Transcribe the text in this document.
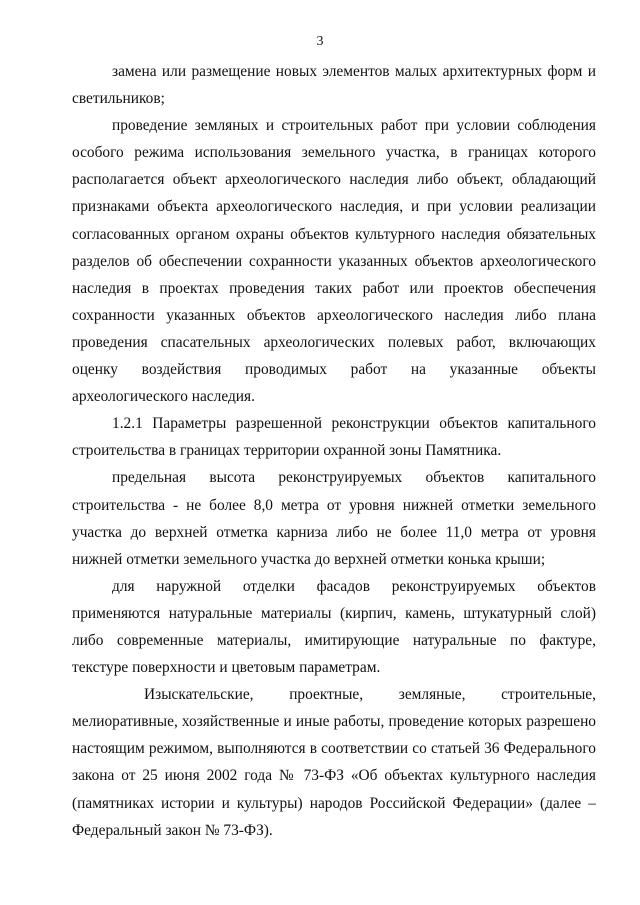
3

замена или размещение новых элементов малых архитектурных форм и светильников;

проведение земляных и строительных работ при условии соблюдения особого режима использования земельного участка, в границах которого располагается объект археологического наследия либо объект, обладающий признаками объекта археологического наследия, и при условии реализации согласованных органом охраны объектов культурного наследия обязательных разделов об обеспечении сохранности указанных объектов археологического наследия в проектах проведения таких работ или проектов обеспечения сохранности указанных объектов археологического наследия либо плана проведения спасательных археологических полевых работ, включающих оценку воздействия проводимых работ на указанные объекты археологического наследия.

1.2.1 Параметры разрешенной реконструкции объектов капитального строительства в границах территории охранной зоны Памятника.

предельная высота реконструируемых объектов капитального строительства - не более 8,0 метра от уровня нижней отметки земельного участка до верхней отметка карниза либо не более 11,0 метра от уровня нижней отметки земельного участка до верхней отметки конька крыши;

для наружной отделки фасадов реконструируемых объектов применяются натуральные материалы (кирпич, камень, штукатурный слой) либо современные материалы, имитирующие натуральные по фактуре, текстуре поверхности и цветовым параметрам.

Изыскательские, проектные, земляные, строительные, мелиоративные, хозяйственные и иные работы, проведение которых разрешено настоящим режимом, выполняются в соответствии со статьей 36 Федерального закона от 25 июня 2002 года № 73-ФЗ «Об объектах культурного наследия (памятниках истории и культуры) народов Российской Федерации» (далее – Федеральный закон № 73-ФЗ).
